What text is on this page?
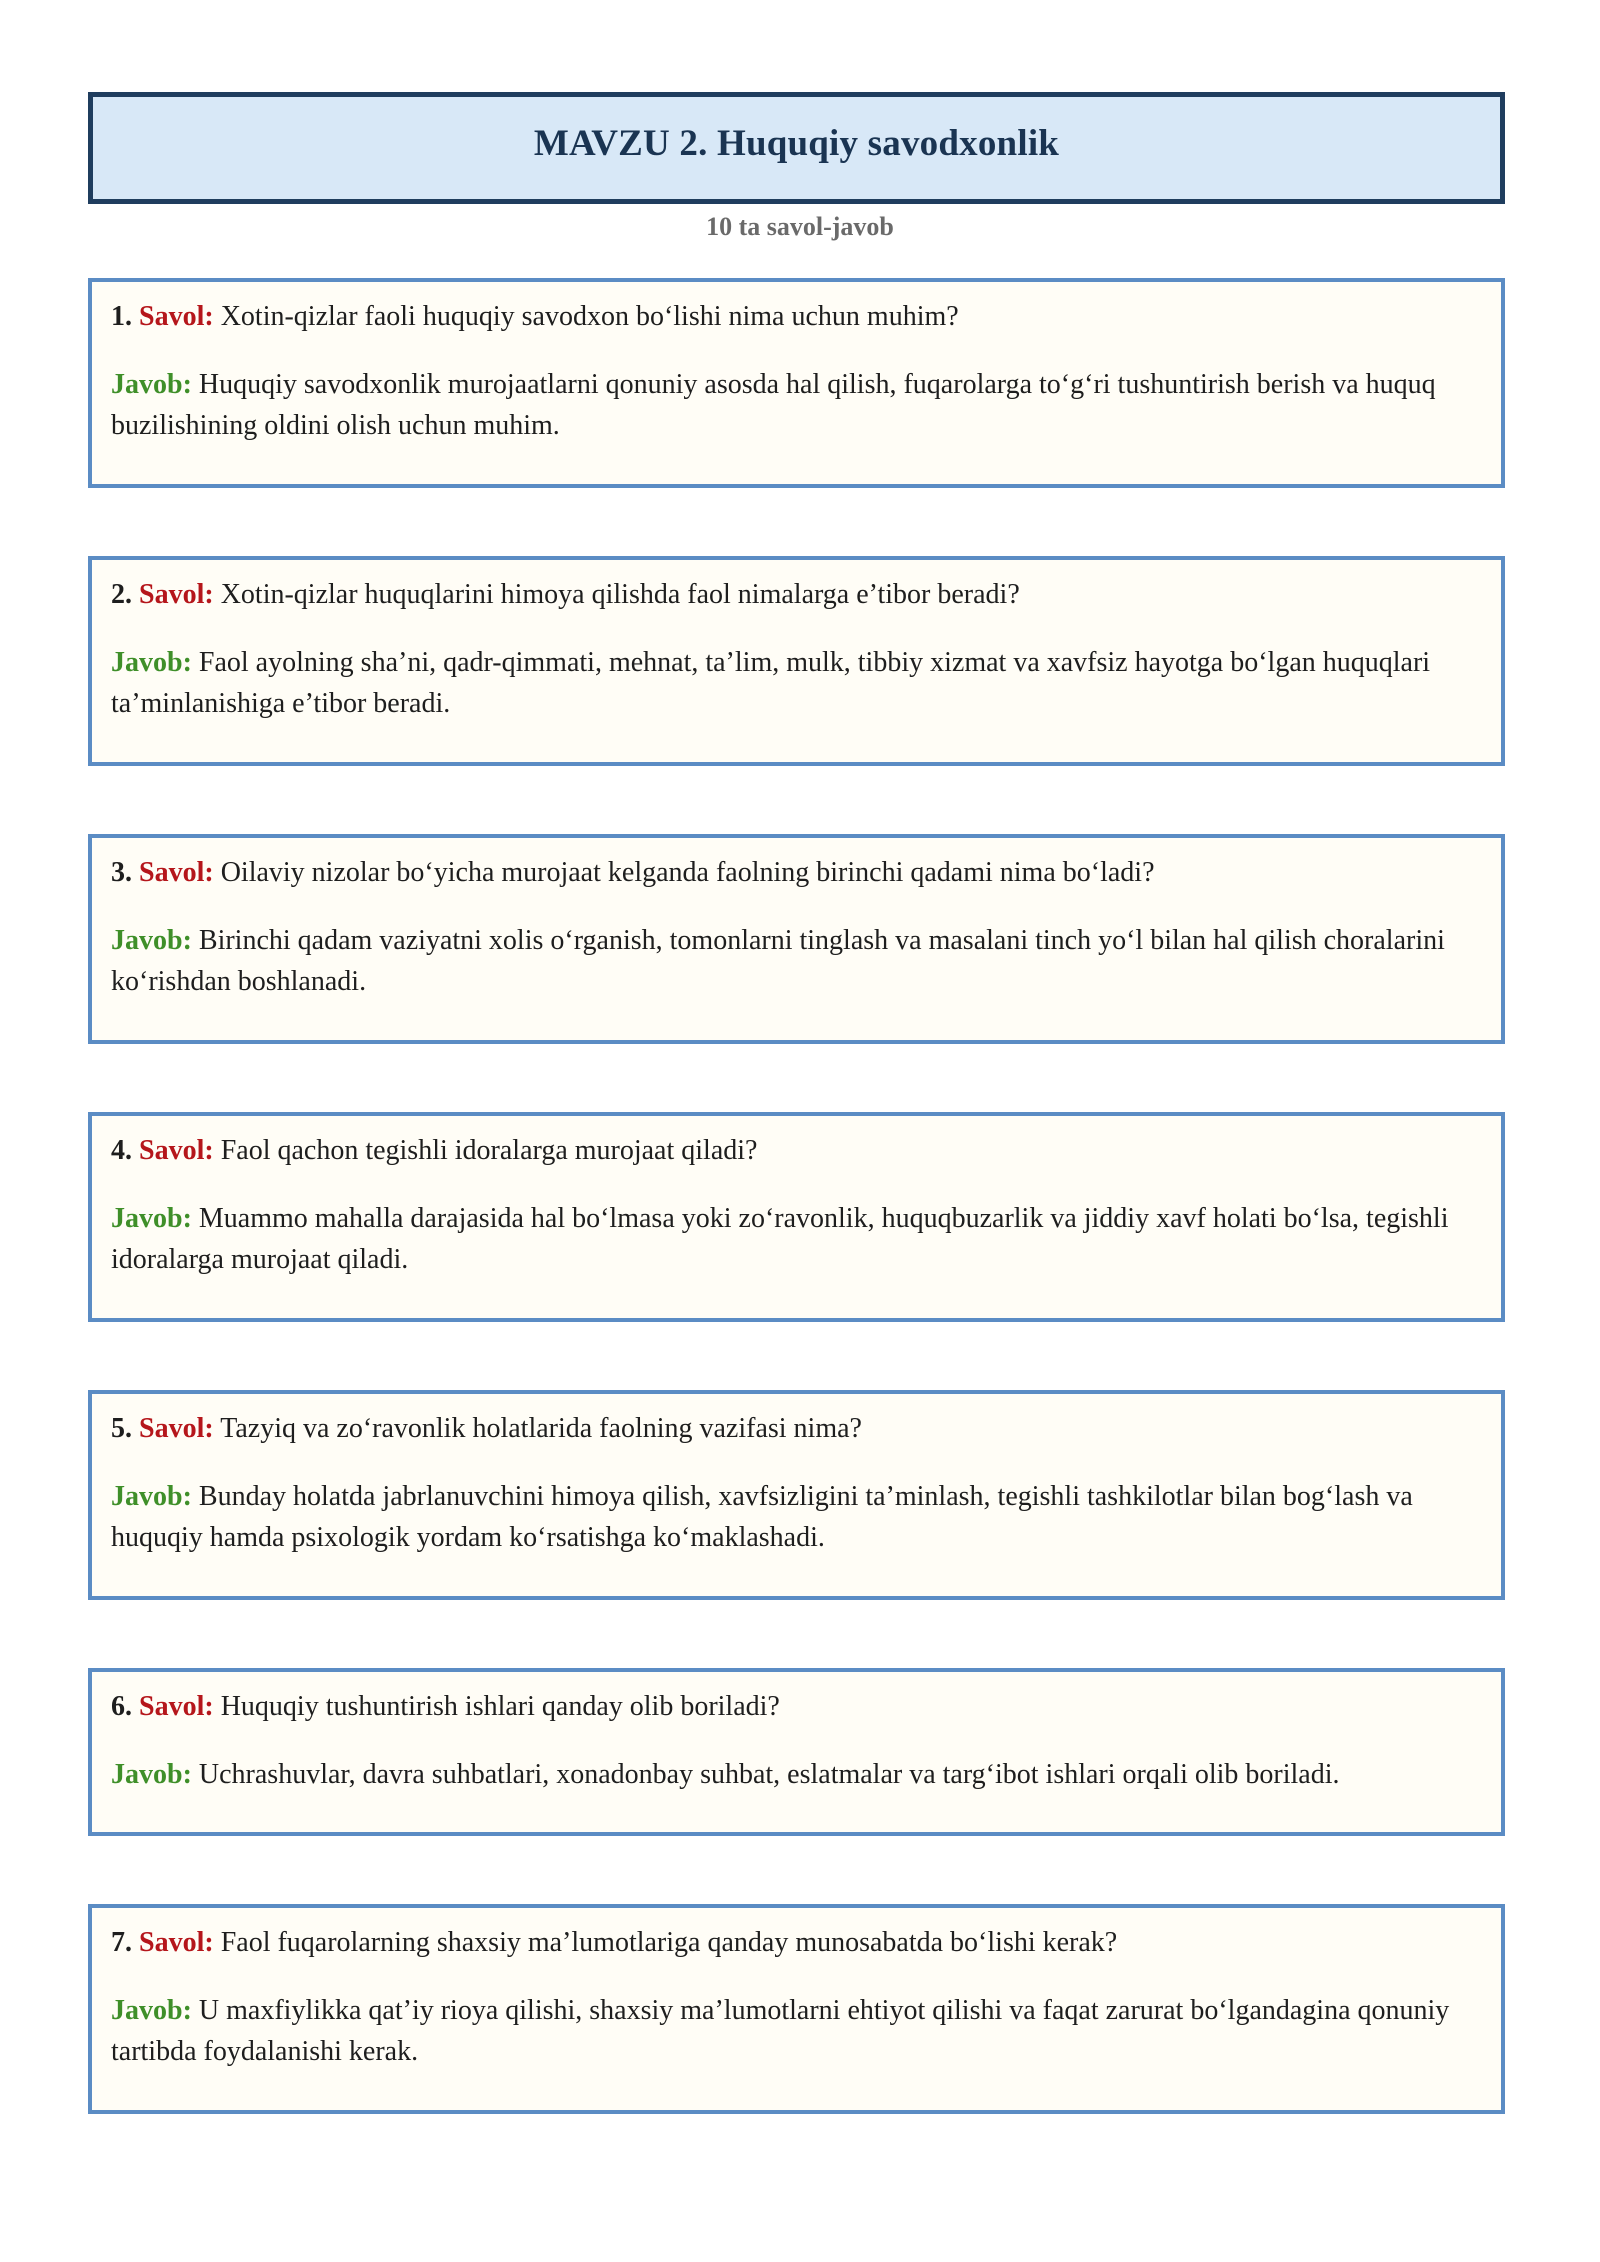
MAVZU 2. Huquqiy savodxonlik
10 ta savol-javob
1. Savol: Xotin-qizlar faoli huquqiy savodxon bo‘lishi nima uchun muhim?
Javob: Huquqiy savodxonlik murojaatlarni qonuniy asosda hal qilish, fuqarolarga to‘g‘ri tushuntirish berish va huquq buzilishining oldini olish uchun muhim.
2. Savol: Xotin-qizlar huquqlarini himoya qilishda faol nimalarga e’tibor beradi?
Javob: Faol ayolning sha’ni, qadr-qimmati, mehnat, ta’lim, mulk, tibbiy xizmat va xavfsiz hayotga bo‘lgan huquqlari ta’minlanishiga e’tibor beradi.
3. Savol: Oilaviy nizolar bo‘yicha murojaat kelganda faolning birinchi qadami nima bo‘ladi?
Javob: Birinchi qadam vaziyatni xolis o‘rganish, tomonlarni tinglash va masalani tinch yo‘l bilan hal qilish choralarini ko‘rishdan boshlanadi.
4. Savol: Faol qachon tegishli idoralarga murojaat qiladi?
Javob: Muammo mahalla darajasida hal bo‘lmasa yoki zo‘ravonlik, huquqbuzarlik va jiddiy xavf holati bo‘lsa, tegishli idoralarga murojaat qiladi.
5. Savol: Tazyiq va zo‘ravonlik holatlarida faolning vazifasi nima?
Javob: Bunday holatda jabrlanuvchini himoya qilish, xavfsizligini ta’minlash, tegishli tashkilotlar bilan bog‘lash va huquqiy hamda psixologik yordam ko‘rsatishga ko‘maklashadi.
6. Savol: Huquqiy tushuntirish ishlari qanday olib boriladi?
Javob: Uchrashuvlar, davra suhbatlari, xonadonbay suhbat, eslatmalar va targ‘ibot ishlari orqali olib boriladi.
7. Savol: Faol fuqarolarning shaxsiy ma’lumotlariga qanday munosabatda bo‘lishi kerak?
Javob: U maxfiylikka qat’iy rioya qilishi, shaxsiy ma’lumotlarni ehtiyot qilishi va faqat zarurat bo‘lgandagina qonuniy tartibda foydalanishi kerak.
